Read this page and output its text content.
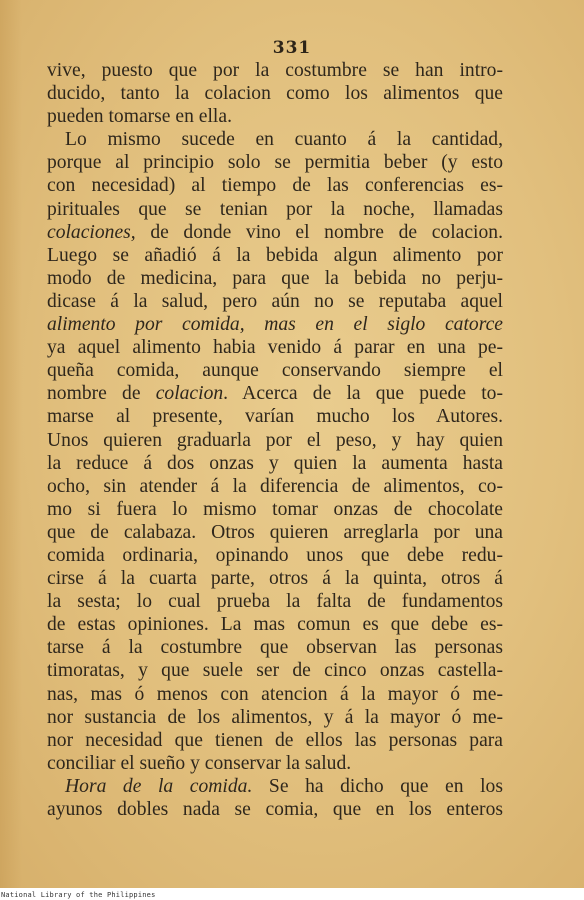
331
vive, puesto que por la costumbre se han intro-
ducido, tanto la colacion como los alimentos que
pueden tomarse en ella.
Lo mismo sucede en cuanto á la cantidad,
porque al principio solo se permitia beber (y esto
con necesidad) al tiempo de las conferencias es-
pirituales que se tenian por la noche, llamadas
colaciones, de donde vino el nombre de colacion.
Luego se añadió á la bebida algun alimento por
modo de medicina, para que la bebida no perju-
dicase á la salud, pero aún no se reputaba aquel
alimento por comida, mas en el siglo catorce
ya aquel alimento habia venido á parar en una pe-
queña comida, aunque conservando siempre el
nombre de colacion. Acerca de la que puede to-
marse al presente, varían mucho los Autores.
Unos quieren graduarla por el peso, y hay quien
la reduce á dos onzas y quien la aumenta hasta
ocho, sin atender á la diferencia de alimentos, co-
mo si fuera lo mismo tomar onzas de chocolate
que de calabaza. Otros quieren arreglarla por una
comida ordinaria, opinando unos que debe redu-
cirse á la cuarta parte, otros á la quinta, otros á
la sesta; lo cual prueba la falta de fundamentos
de estas opiniones. La mas comun es que debe es-
tarse á la costumbre que observan las personas
timoratas, y que suele ser de cinco onzas castella-
nas, mas ó menos con atencion á la mayor ó me-
nor sustancia de los alimentos, y á la mayor ó me-
nor necesidad que tienen de ellos las personas para
conciliar el sueño y conservar la salud.
Hora de la comida. Se ha dicho que en los
ayunos dobles nada se comia, que en los enteros
National Library of the Philippines
